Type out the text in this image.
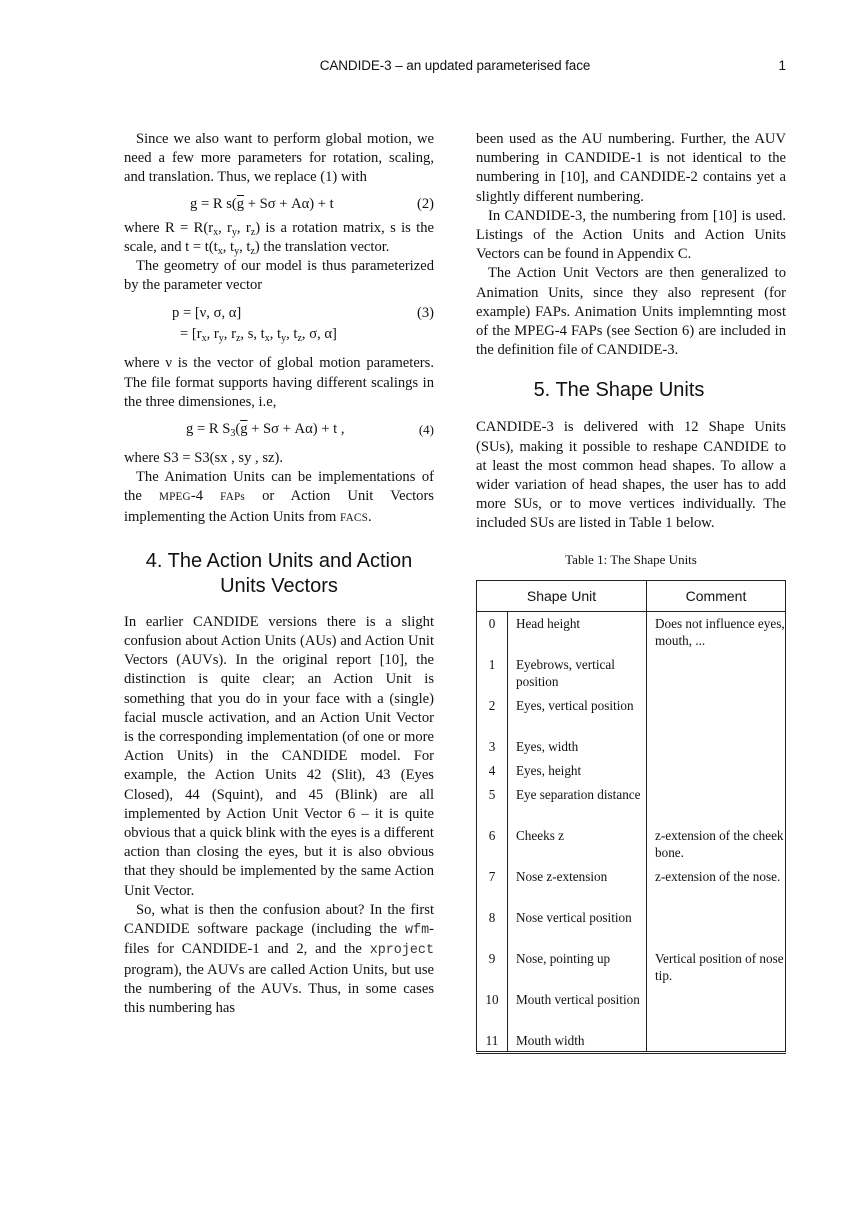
CANDIDE-3 – an updated parameterised face	1

Since we also want to perform global motion, we need a few more parameters for rotation, scaling, and translation. Thus, we replace (1) with

g = R $s(\overline{g} + S\sigma + A\alpha) + t$	(2)

where $R = R(r_x$, $r_y$, $r_z$) is a rotation matrix, s is the scale, and $t = t(t_x$, $t_y$, $t_z$) the translation vector.

The geometry of our model is thus parameterized by the parameter vector

p = [ν, σ, α]	(3)
= [$r_x$, $r_y$, $r_z$, s, $t_x$, $t_y$, $t_z$, σ, α]

where ν is the vector of global motion parameters. The file format supports having different scalings in the three dimensiones, i.e,

g = R $S_3(\overline{g} + S\sigma + A\alpha) + t$ ,	(4)

where S3 = S3(sx , sy , sz).

The Animation Units can be implementations of the MPEG-4 FAPs or Action Unit Vectors implementing the Action Units from FACS.

4. The Action Units and Action Units Vectors

In earlier CANDIDE versions there is a slight confusion about Action Units (AUs) and Action Unit Vectors (AUVs). In the original report [10], the distinction is quite clear; an Action Unit is something that you do in your face with a (single) facial muscle activation, and an Action Unit Vector is the corresponding implementation (of one or more Action Units) in the CANDIDE model. For example, the Action Units 42 (Slit), 43 (Eyes Closed), 44 (Squint), and 45 (Blink) are all implemented by Action Unit Vector 6 – it is quite obvious that a quick blink with the eyes is a different action than closing the eyes, but it is also obvious that they should be implemented by the same Action Unit Vector.

So, what is then the confusion about? In the first CANDIDE software package (including the wfm-files for CANDIDE-1 and 2, and the xproject program), the AUVs are called Action Units, but use the numbering of the AUVs. Thus, in some cases this numbering has

been used as the AU numbering. Further, the AUV numbering in CANDIDE-1 is not identical to the numbering in [10], and CANDIDE-2 contains yet a slightly different numbering.

In CANDIDE-3, the numbering from [10] is used. Listings of the Action Units and Action Units Vectors can be found in Appendix C.

The Action Unit Vectors are then generalized to Animation Units, since they also represent (for example) FAPs. Animation Units implemnting most of the MPEG-4 FAPs (see Section 6) are included in the definition file of CANDIDE-3.

5. The Shape Units

CANDIDE-3 is delivered with 12 Shape Units (SUs), making it possible to reshape CANDIDE to at least the most common head shapes. To allow a wider variation of head shapes, the user has to add more SUs, or to move vertices individually. The included SUs are listed in Table 1 below.

Table 1: The Shape Units
Shape Unit		Comment
0	Head height	Does not influence eyes, mouth, ...
1	Eyebrows, vertical position	
2	Eyes, vertical position	
3	Eyes, width	
4	Eyes, height	
5	Eye separation distance	
6	Cheeks z	z-extension of the cheek bone.
7	Nose z-extension	z-extension of the nose.
8	Nose vertical position	
9	Nose, pointing up	Vertical position of nose tip.
10	Mouth vertical position	
11	Mouth width	
